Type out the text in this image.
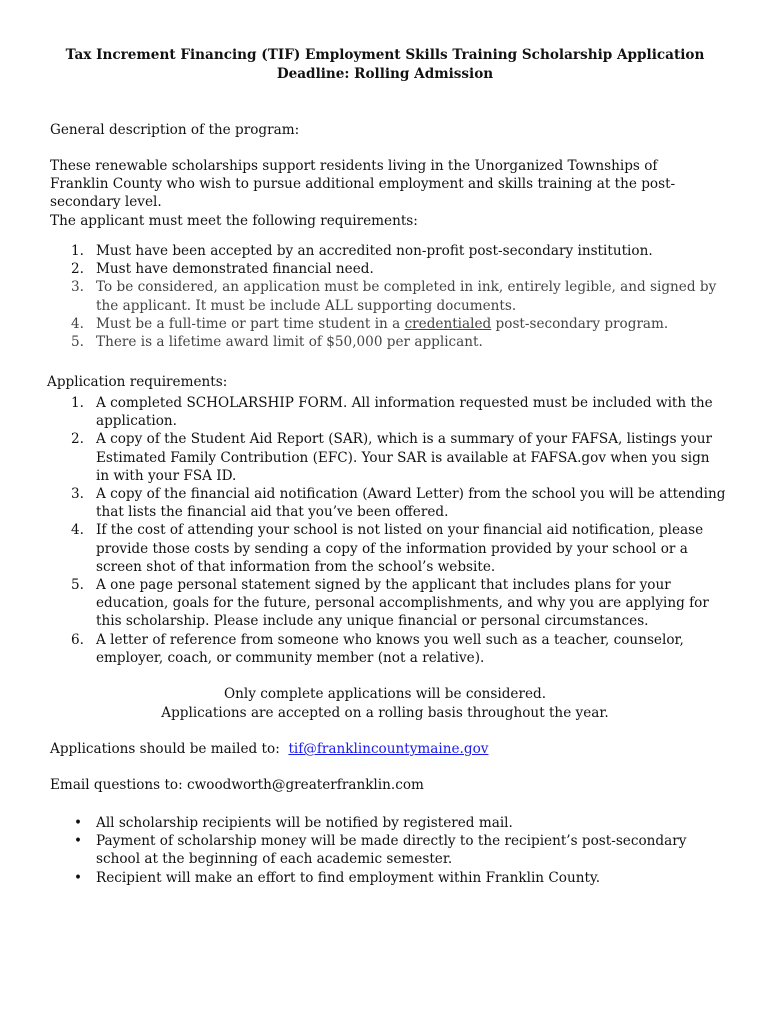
Tax Increment Financing (TIF) Employment Skills Training Scholarship Application
Deadline: Rolling Admission

General description of the program:

These renewable scholarships support residents living in the Unorganized Townships of Franklin County who wish to pursue additional employment and skills training at the post-secondary level.

The applicant must meet the following requirements:

1. Must have been accepted by an accredited non-profit post-secondary institution.
2. Must have demonstrated financial need.
3. To be considered, an application must be completed in ink, entirely legible, and signed by the applicant. It must be include ALL supporting documents.
4. Must be a full-time or part time student in a credentialed post-secondary program.
5. There is a lifetime award limit of $50,000 per applicant.

Application requirements:

1. A completed SCHOLARSHIP FORM. All information requested must be included with the application.
2. A copy of the Student Aid Report (SAR), which is a summary of your FAFSA, listings your Estimated Family Contribution (EFC). Your SAR is available at FAFSA.gov when you sign in with your FSA ID.
3. A copy of the financial aid notification (Award Letter) from the school you will be attending that lists the financial aid that you’ve been offered.
4. If the cost of attending your school is not listed on your financial aid notification, please provide those costs by sending a copy of the information provided by your school or a screen shot of that information from the school’s website.
5. A one page personal statement signed by the applicant that includes plans for your education, goals for the future, personal accomplishments, and why you are applying for this scholarship. Please include any unique financial or personal circumstances.
6. A letter of reference from someone who knows you well such as a teacher, counselor, employer, coach, or community member (not a relative).
Only complete applications will be considered.
Applications are accepted on a rolling basis throughout the year.

Applications should be mailed to: tif@franklincountymaine.gov

Email questions to: cwoodworth@greaterfranklin.com

• All scholarship recipients will be notified by registered mail.
• Payment of scholarship money will be made directly to the recipient’s post-secondary school at the beginning of each academic semester.
• Recipient will make an effort to find employment within Franklin County.
